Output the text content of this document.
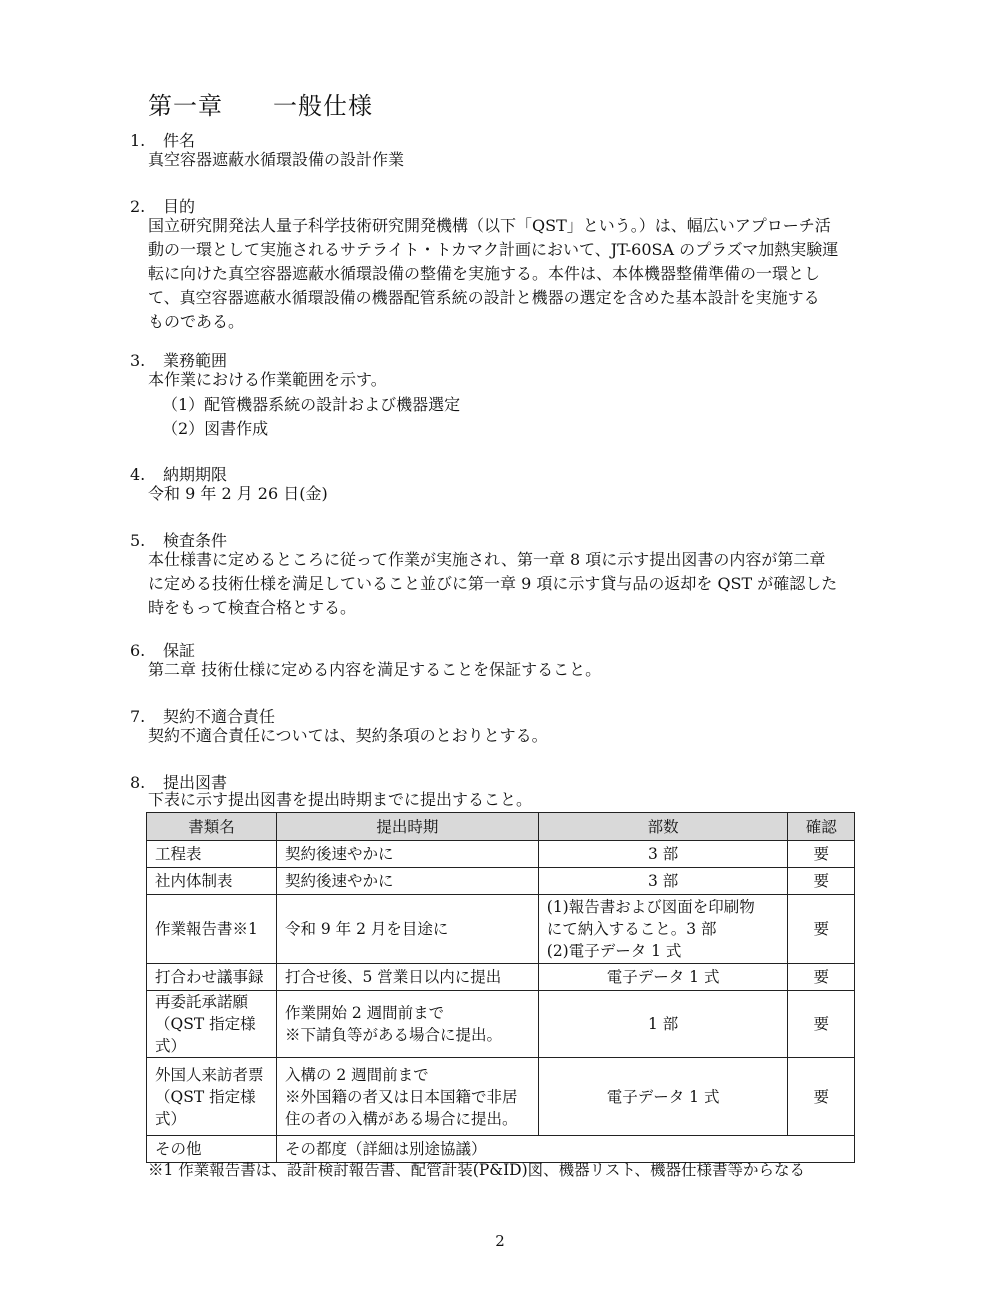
第一章　　一般仕様
1. 件名
真空容器遮蔽水循環設備の設計作業
2. 目的
国立研究開発法人量子科学技術研究開発機構（以下「QST」という。）は、幅広いアプローチ活
動の一環として実施されるサテライト・トカマク計画において、JT-60SA のプラズマ加熱実験運
転に向けた真空容器遮蔽水循環設備の整備を実施する。本件は、本体機器整備準備の一環とし
て、真空容器遮蔽水循環設備の機器配管系統の設計と機器の選定を含めた基本設計を実施する
ものである。
3. 業務範囲
本作業における作業範囲を示す。
（1）配管機器系統の設計および機器選定
（2）図書作成
4. 納期期限
令和 9 年 2 月 26 日(金)
5. 検査条件
本仕様書に定めるところに従って作業が実施され、第一章 8 項に示す提出図書の内容が第二章
に定める技術仕様を満足していること並びに第一章 9 項に示す貸与品の返却を QST が確認した
時をもって検査合格とする。
6. 保証
第二章 技術仕様に定める内容を満足することを保証すること。
7. 契約不適合責任
契約不適合責任については、契約条項のとおりとする。
8. 提出図書
下表に示す提出図書を提出時期までに提出すること。
書類名	提出時期	部数	確認

工程表	契約後速やかに	3 部	要

社内体制表	契約後速やかに	3 部	要

作業報告書※1	令和 9 年 2 月を目途に	(1)報告書および図面を印刷物
にて納入すること。3 部
(2)電子データ 1 式	要

打合わせ議事録	打合せ後、5 営業日以内に提出	電子データ 1 式	要

再委託承諾願
（QST 指定様
式）	作業開始 2 週間前まで
※下請負等がある場合に提出。	1 部	要

外国人来訪者票
（QST 指定様
式）	入構の 2 週間前まで
※外国籍の者又は日本国籍で非居
住の者の入構がある場合に提出。	電子データ 1 式	要

その他	その都度（詳細は別途協議）		
※1 作業報告書は、設計検討報告書、配管計装(P&ID)図、機器リスト、機器仕様書等からなる
2
